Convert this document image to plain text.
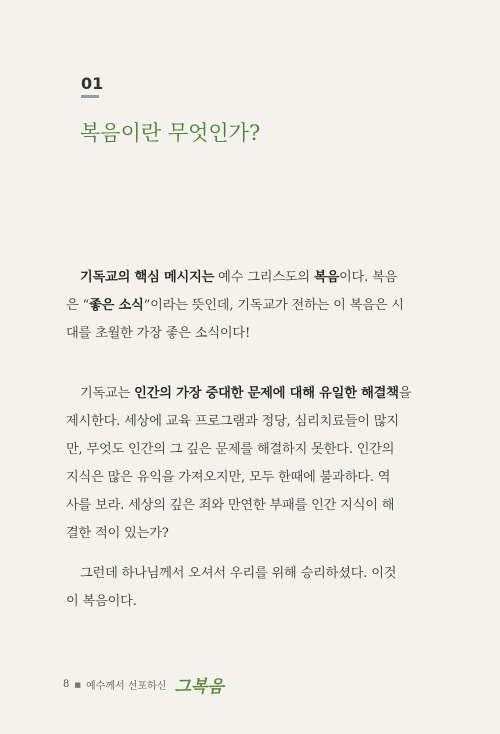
01
복음이란 무엇인가?
기독교의 핵심 메시지는 예수 그리스도의 복음이다. 복음
은 “좋은 소식”이라는 뜻인데, 기독교가 전하는 이 복음은 시
대를 초월한 가장 좋은 소식이다!
기독교는 인간의 가장 중대한 문제에 대해 유일한 해결책을
제시한다. 세상에 교육 프로그램과 정당, 심리치료들이 많지
만, 무엇도 인간의 그 깊은 문제를 해결하지 못한다. 인간의
지식은 많은 유익을 가져오지만, 모두 한때에 불과하다. 역
사를 보라. 세상의 깊은 죄와 만연한 부패를 인간 지식이 해
결한 적이 있는가?
그런데 하나님께서 오셔서 우리를 위해 승리하셨다. 이것
이 복음이다.
8 ■ 예수께서 선포하신 그복음
